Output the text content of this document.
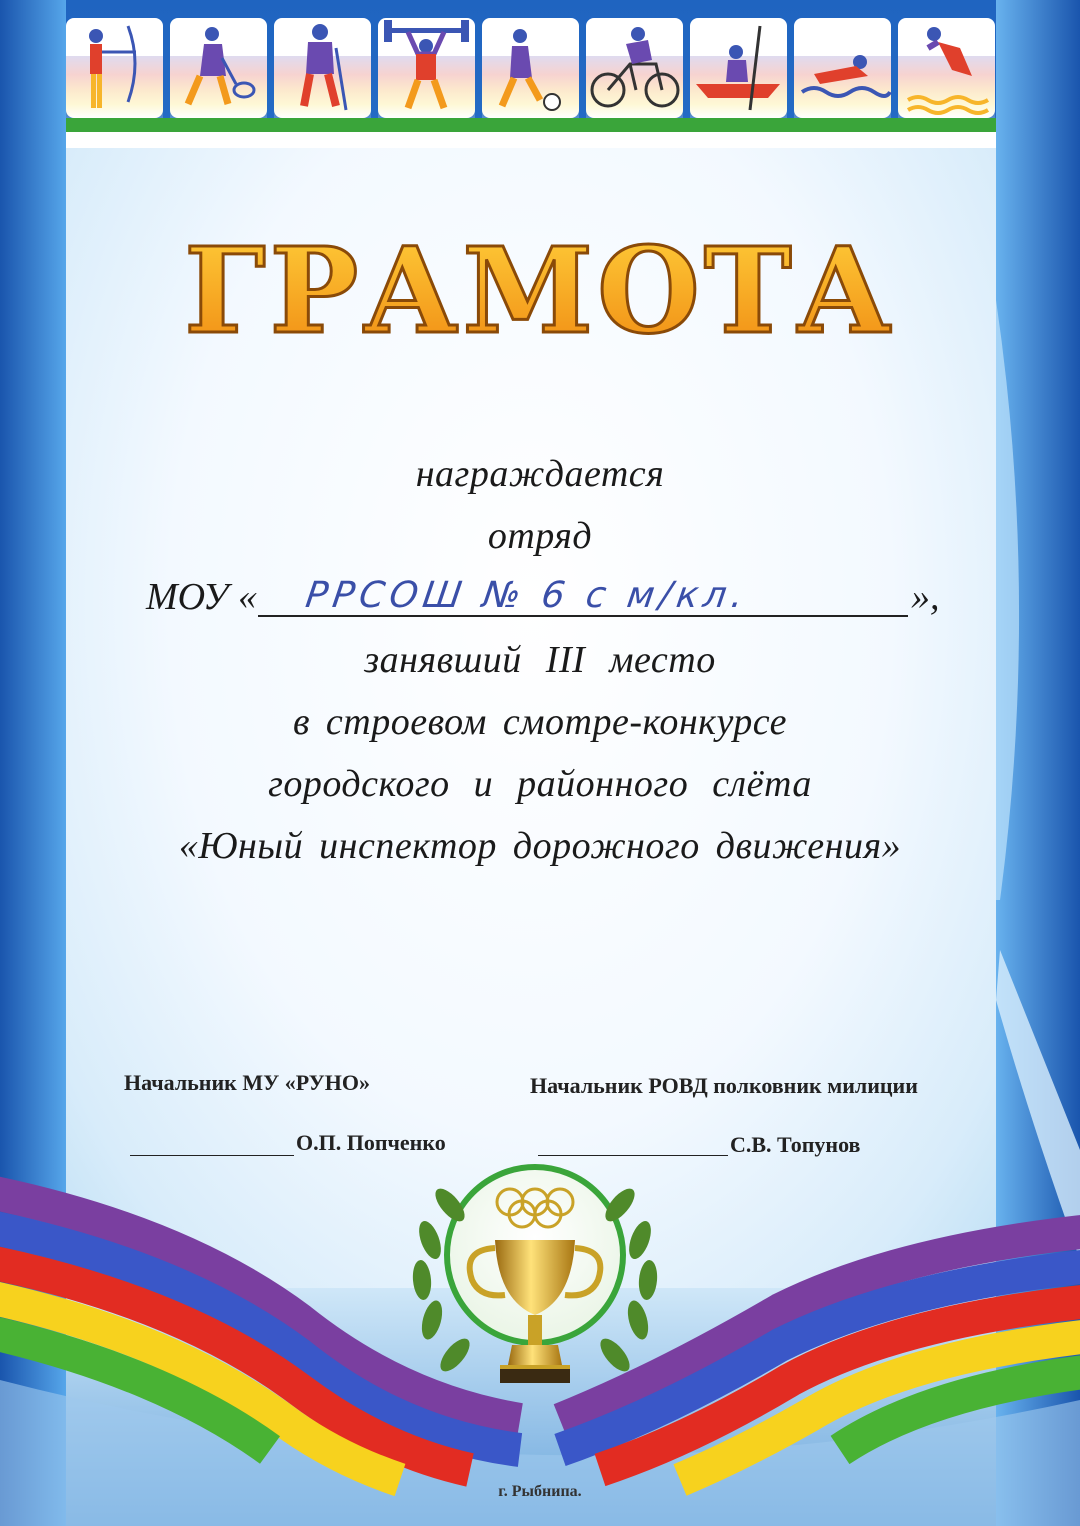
ГРАМОТА
награждается
отряд
МОУ « РРСОШ № 6 с м/кл.	»,
занявший III место
в строевом смотре-конкурсе
городского и районного слёта
«Юный инспектор дорожного движения»
Начальник МУ «РУНО»	Начальник РОВД полковник милиции
О.П. Попченко	С.В. Топунов
г. Рыбнипа.
